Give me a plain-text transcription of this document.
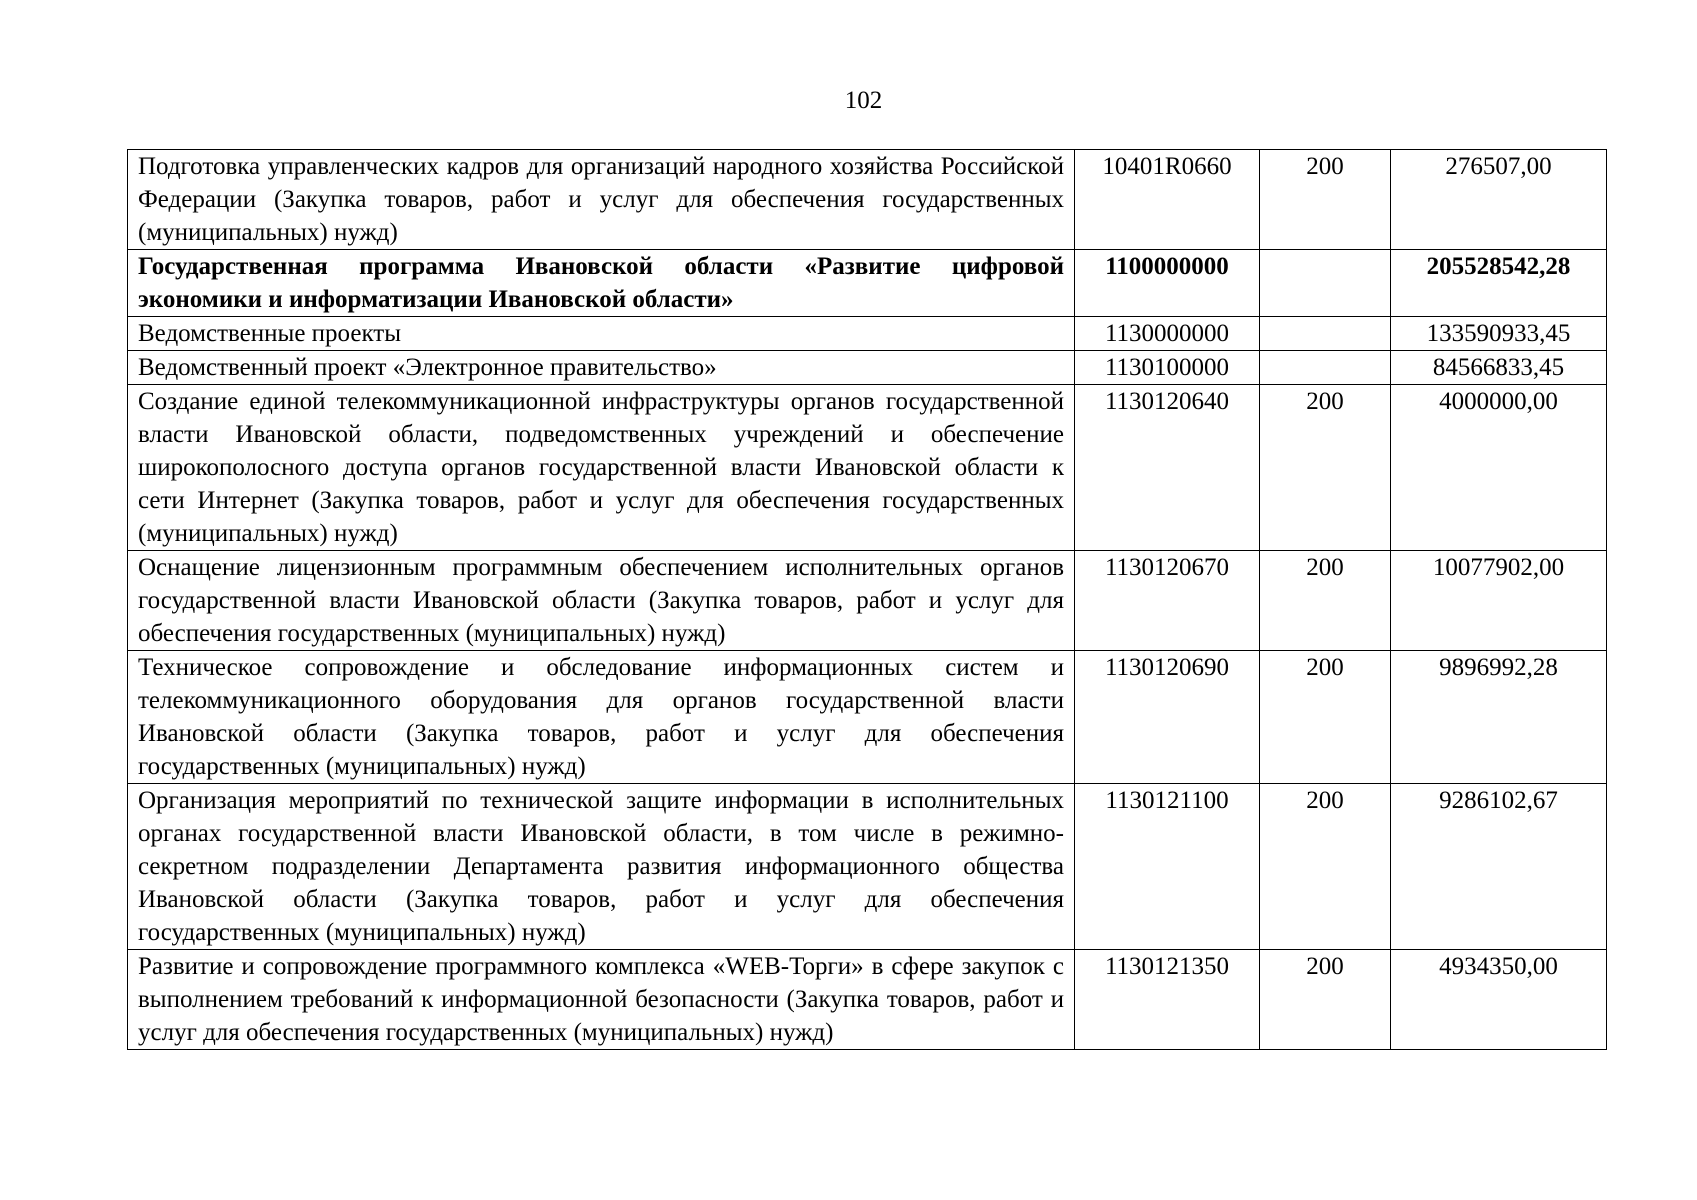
102
Подготовка управленческих кадров для организаций народного хозяйства Российской Федерации (Закупка товаров, работ и услуг для обеспечения государственных (муниципальных) нужд)	10401R0660	200	276507,00
Государственная программа Ивановской области «Развитие цифровой экономики и информатизации Ивановской области»	1100000000		205528542,28
Ведомственные проекты	1130000000		133590933,45
Ведомственный проект «Электронное правительство»	1130100000		84566833,45
Создание единой телекоммуникационной инфраструктуры органов государственной власти Ивановской области, подведомственных учреждений и обеспечение широкополосного доступа органов государственной власти Ивановской области к сети Интернет (Закупка товаров, работ и услуг для обеспечения государственных (муниципальных) нужд)	1130120640	200	4000000,00
Оснащение лицензионным программным обеспечением исполнительных органов государственной власти Ивановской области (Закупка товаров, работ и услуг для обеспечения государственных (муниципальных) нужд)	1130120670	200	10077902,00
Техническое сопровождение и обследование информационных систем и телекоммуникационного оборудования для органов государственной власти Ивановской области (Закупка товаров, работ и услуг для обеспечения государственных (муниципальных) нужд)	1130120690	200	9896992,28
Организация мероприятий по технической защите информации в исполнительных органах государственной власти Ивановской области, в том числе в режимно-секретном подразделении Департамента развития информационного общества Ивановской области (Закупка товаров, работ и услуг для обеспечения государственных (муниципальных) нужд)	1130121100	200	9286102,67
Развитие и сопровождение программного комплекса «WEB-Торги» в сфере закупок с выполнением требований к информационной безопасности (Закупка товаров, работ и услуг для обеспечения государственных (муниципальных) нужд)	1130121350	200	4934350,00
